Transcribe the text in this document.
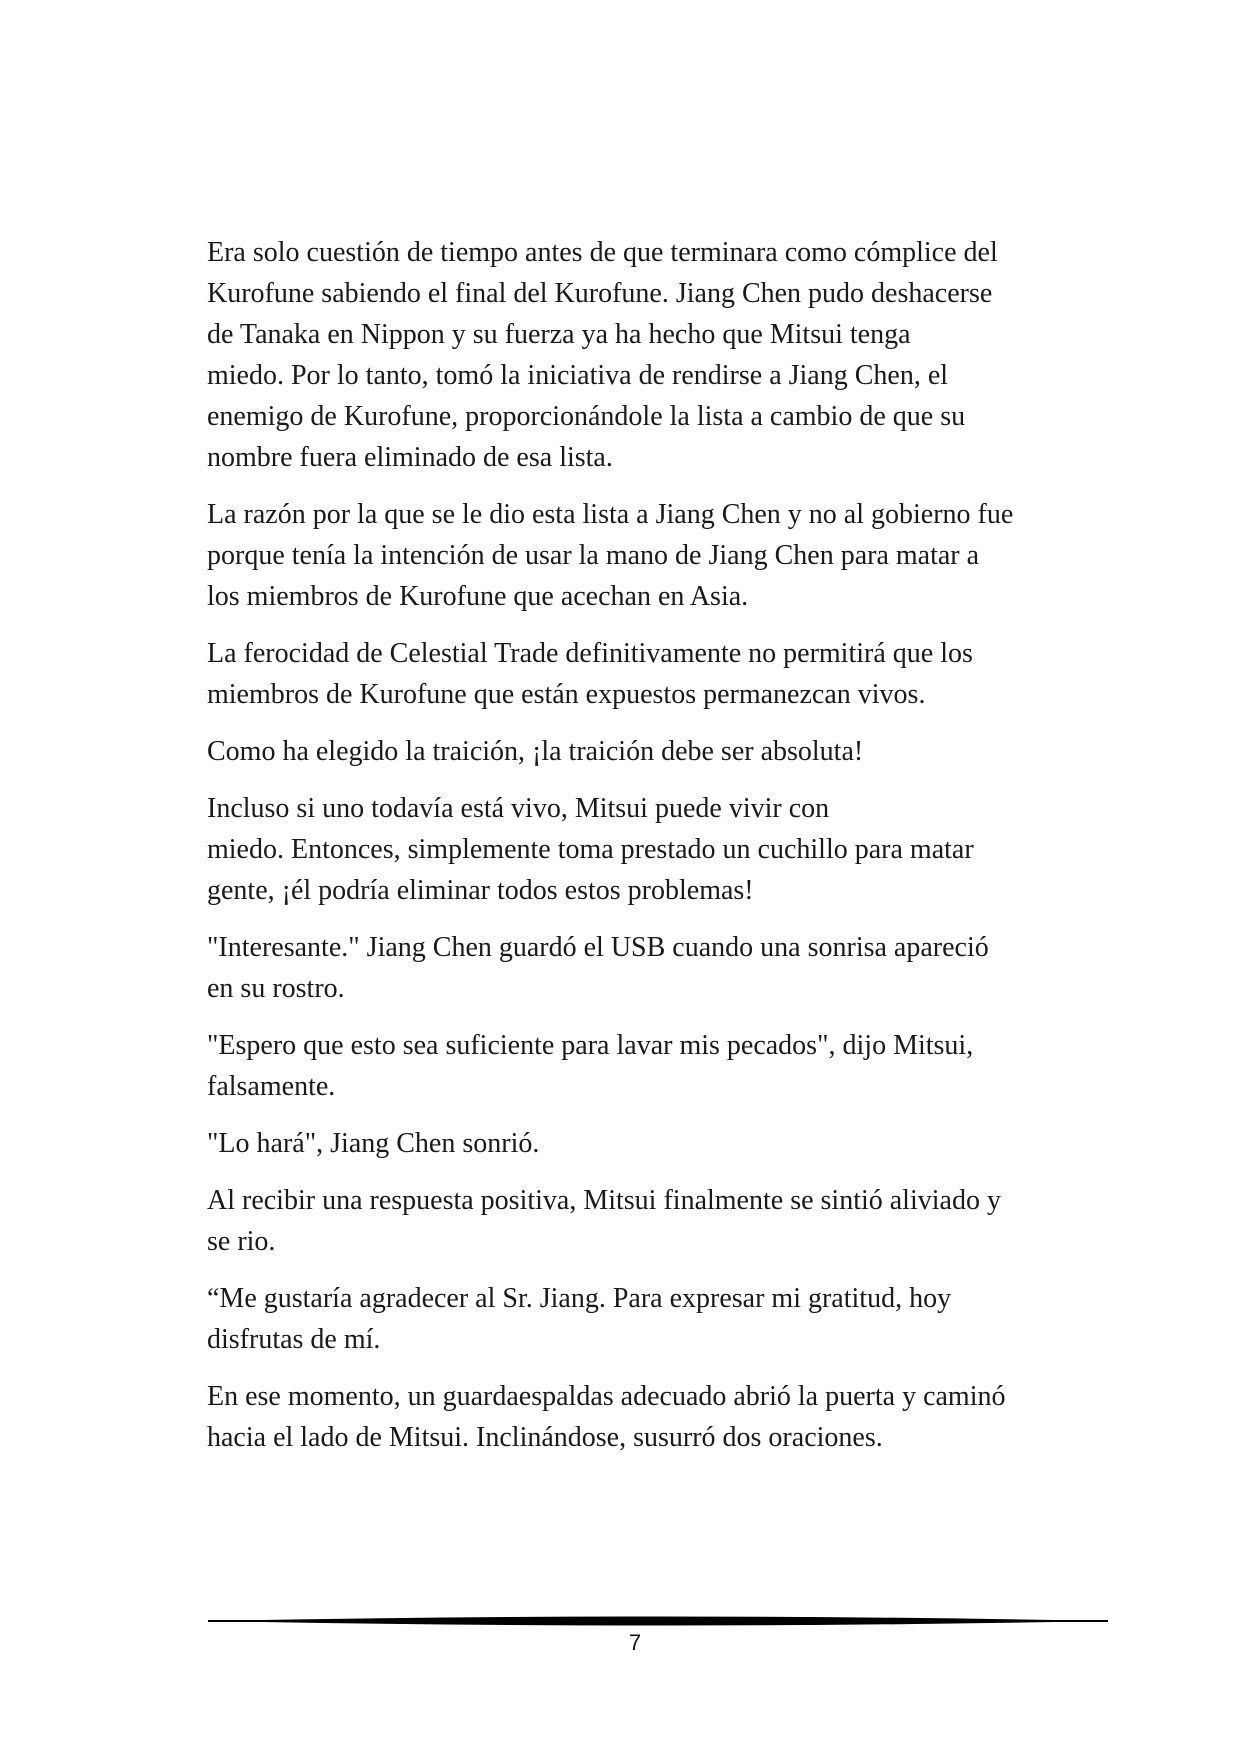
Era solo cuestión de tiempo antes de que terminara como cómplice del
Kurofune sabiendo el final del Kurofune. Jiang Chen pudo deshacerse
de Tanaka en Nippon y su fuerza ya ha hecho que Mitsui tenga
miedo. Por lo tanto, tomó la iniciativa de rendirse a Jiang Chen, el
enemigo de Kurofune, proporcionándole la lista a cambio de que su
nombre fuera eliminado de esa lista.

La razón por la que se le dio esta lista a Jiang Chen y no al gobierno fue
porque tenía la intención de usar la mano de Jiang Chen para matar a
los miembros de Kurofune que acechan en Asia.

La ferocidad de Celestial Trade definitivamente no permitirá que los
miembros de Kurofune que están expuestos permanezcan vivos.

Como ha elegido la traición, ¡la traición debe ser absoluta!

Incluso si uno todavía está vivo, Mitsui puede vivir con
miedo. Entonces, simplemente toma prestado un cuchillo para matar
gente, ¡él podría eliminar todos estos problemas!

"Interesante." Jiang Chen guardó el USB cuando una sonrisa apareció
en su rostro.

"Espero que esto sea suficiente para lavar mis pecados", dijo Mitsui,
falsamente.

"Lo hará", Jiang Chen sonrió.

Al recibir una respuesta positiva, Mitsui finalmente se sintió aliviado y
se rio.

“Me gustaría agradecer al Sr. Jiang. Para expresar mi gratitud, hoy
disfrutas de mí.

En ese momento, un guardaespaldas adecuado abrió la puerta y caminó
hacia el lado de Mitsui. Inclinándose, susurró dos oraciones.

7
